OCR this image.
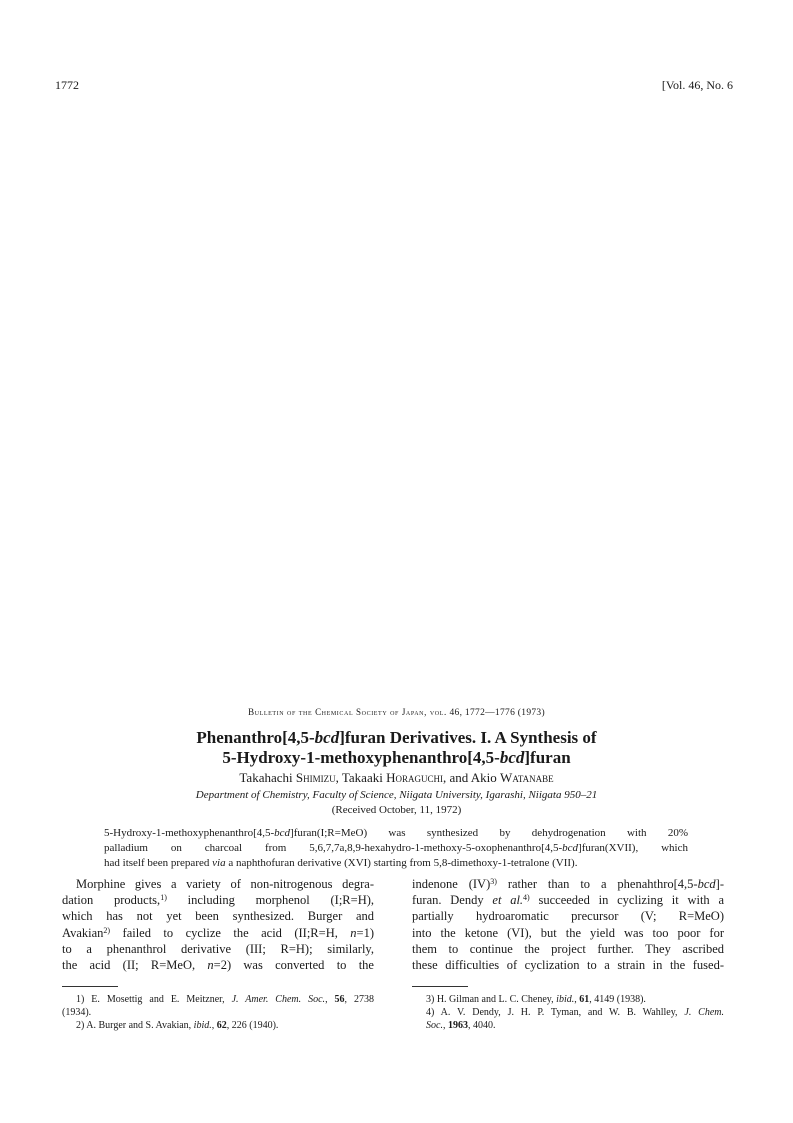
1772	[Vol. 46, No. 6
Bulletin of the Chemical Society of Japan, vol. 46, 1772—1776 (1973)
Phenanthro[4,5-bcd]furan Derivatives. I. A Synthesis of
5-Hydroxy-1-methoxyphenanthro[4,5-bcd]furan
Takahachi Shimizu, Takaaki Horaguchi, and Akio Watanabe
Department of Chemistry, Faculty of Science, Niigata University, Igarashi, Niigata 950–21
(Received October, 11, 1972)
5-Hydroxy-1-methoxyphenanthro[4,5-bcd]furan(I;R=MeO) was synthesized by dehydrogenation with 20%
palladium on charcoal from 5,6,7,7a,8,9-hexahydro-1-methoxy-5-oxophenanthro[4,5-bcd]furan(XVII), which
had itself been prepared via a naphthofuran derivative (XVI) starting from 5,8-dimethoxy-1-tetralone (VII).
Morphine gives a variety of non-nitrogenous degra-
dation products,$^{1)}$ including morphenol (I;R=H),
which has not yet been synthesized. Burger and
Avakian$^{2)}$ failed to cyclize the acid (II;R=H, n=1)
to a phenanthrol derivative (III; R=H); similarly,
the acid (II; R=MeO, n=2) was converted to the
indenone (IV)$^{3)}$ rather than to a phenahthro[4,5-bcd]-
furan. Dendy et al.$^{4)}$ succeeded in cyclizing it with a
partially hydroaromatic precursor (V; R=MeO)
into the ketone (VI), but the yield was too poor for
them to continue the project further. They ascribed
these difficulties of cyclization to a strain in the fused-
1) E. Mosettig and E. Meitzner, J. Amer. Chem. Soc., 56, 2738
(1934).
2) A. Burger and S. Avakian, ibid., 62, 226 (1940).
3) H. Gilman and L. C. Cheney, ibid., 61, 4149 (1938).
4) A. V. Dendy, J. H. P. Tyman, and W. B. Wahlley, J. Chem.
Soc., 1963, 4040.
